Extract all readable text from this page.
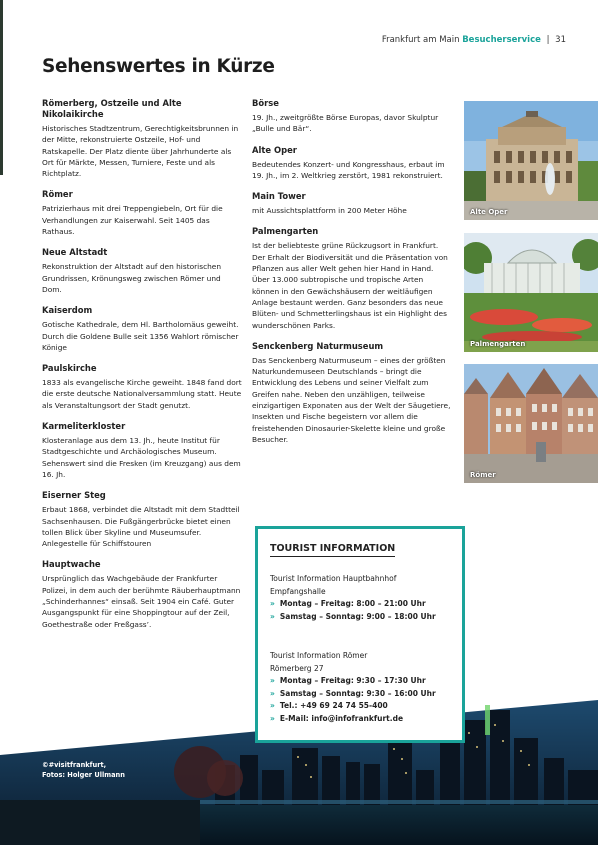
Frankfurt am Main Besucherservice | 31
Sehenswertes in Kürze
Römerberg, Ostzeile und Alte Nikolaikirche

Historisches Stadtzentrum, Gerechtigkeitsbrunnen in der Mitte, rekonstruierte Ostzeile, Hof- und Ratskapelle. Der Platz diente über Jahrhunderte als Ort für Märkte, Messen, Turniere, Feste und als Richtplatz.

Römer

Patrizierhaus mit drei Treppengiebeln, Ort für die Verhandlungen zur Kaiserwahl. Seit 1405 das Rathaus.

Neue Altstadt

Rekonstruktion der Altstadt auf den historischen Grundrissen, Krönungsweg zwischen Römer und Dom.

Kaiserdom

Gotische Kathedrale, dem Hl. Bartholomäus geweiht. Durch die Goldene Bulle seit 1356 Wahlort römischer Könige

Paulskirche

1833 als evangelische Kirche geweiht. 1848 fand dort die erste deutsche Nationalversammlung statt. Heute als Veranstaltungsort der Stadt genutzt.

Karmeliterkloster

Klosteranlage aus dem 13. Jh., heute Institut für Stadtgeschichte und Archäologisches Museum. Sehenswert sind die Fresken (im Kreuzgang) aus dem 16. Jh.

Eiserner Steg

Erbaut 1868, verbindet die Altstadt mit dem Stadtteil Sachsenhausen. Die Fußgängerbrücke bietet einen tollen Blick über Skyline und Museumsufer. Anlegestelle für Schiffstouren

Hauptwache

Ursprünglich das Wachgebäude der Frankfurter Polizei, in dem auch der berühmte Räuberhauptmann „Schinderhannes“ einsaß. Seit 1904 ein Café. Guter Ausgangspunkt für eine Shoppingtour auf der Zeil, Goethestraße oder Freßgass’.

Börse

19. Jh., zweitgrößte Börse Europas, davor Skulptur „Bulle und Bär“.

Alte Oper

Bedeutendes Konzert- und Kongresshaus, erbaut im 19. Jh., im 2. Weltkrieg zerstört, 1981 rekonstruiert.

Main Tower

mit Aussichtsplattform in 200 Meter Höhe

Palmengarten

Ist der beliebteste grüne Rückzugsort in Frankfurt. Der Erhalt der Biodiversität und die Präsentation von Pflanzen aus aller Welt gehen hier Hand in Hand. Über 13.000 subtropische und tropische Arten können in den Gewächshäusern der weitläufigen Anlage bestaunt werden. Ganz besonders das neue Blüten- und Schmetterlingshaus ist ein Highlight des wunderschönen Parks.

Senckenberg Naturmuseum

Das Senckenberg Naturmuseum – eines der größten Naturkundemuseen Deutschlands – bringt die Entwicklung des Lebens und seiner Vielfalt zum Greifen nahe. Neben den unzähligen, teilweise einzigartigen Exponaten aus der Welt der Säugetiere, Insekten und Fische begeistern vor allem die freistehenden Dinosaurier-Skelette kleine und große Besucher.

Alte Oper
Palmengarten
Römer
©#visitfrankfurt,
Fotos: Holger Ullmann
TOURIST INFORMATION
Tourist Information Hauptbahnhof
Empfangshalle
» Montag – Freitag: 8:00 – 21:00 Uhr
» Samstag – Sonntag: 9:00 – 18:00 Uhr
Tourist Information Römer
Römerberg 27
» Montag – Freitag: 9:30 – 17:30 Uhr
» Samstag – Sonntag: 9:30 – 16:00 Uhr
» Tel.: +49 69 24 74 55-400
» E-Mail: info@infofrankfurt.de
